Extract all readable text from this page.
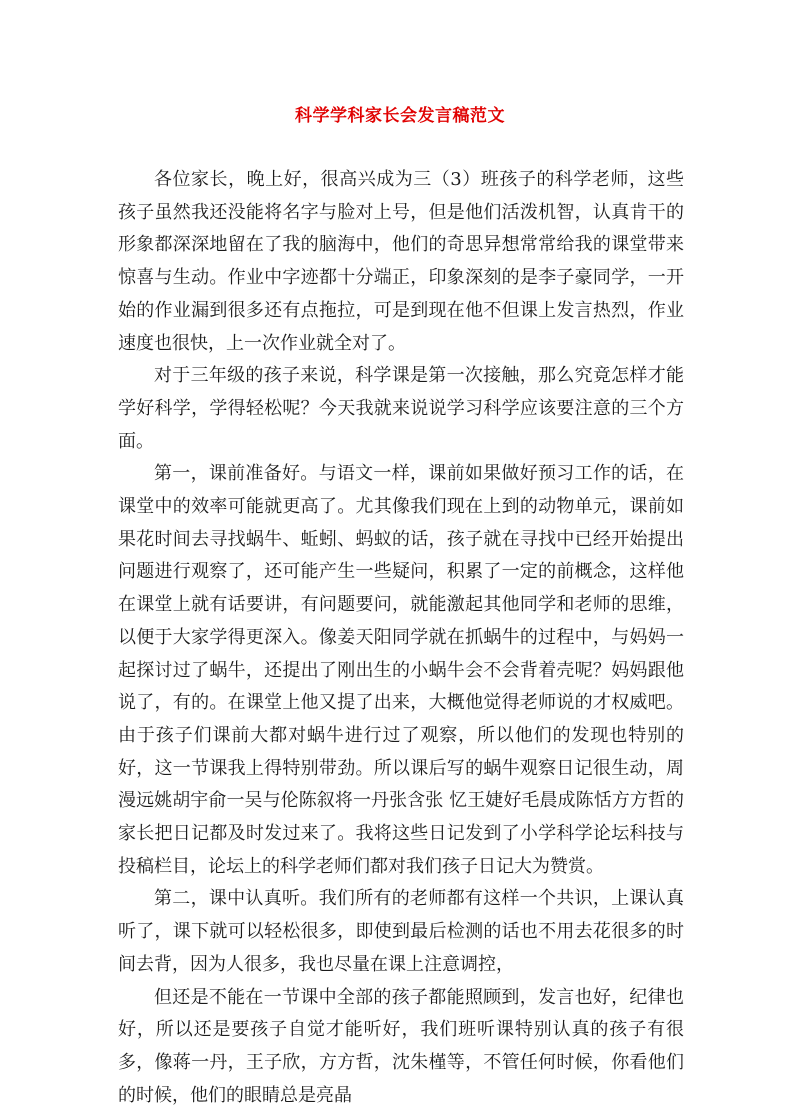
科学学科家长会发言稿范文

各位家长，晚上好，很高兴成为三（3）班孩子的科学老师，这些孩子虽然我还没能将名字与脸对上号，但是他们活泼机智，认真肯干的形象都深深地留在了我的脑海中，他们的奇思异想常常给我的课堂带来惊喜与生动。作业中字迹都十分端正，印象深刻的是李子豪同学，一开始的作业漏到很多还有点拖拉，可是到现在他不但课上发言热烈，作业速度也很快，上一次作业就全对了。

对于三年级的孩子来说，科学课是第一次接触，那么究竟怎样才能学好科学，学得轻松呢？今天我就来说说学习科学应该要注意的三个方面。

第一，课前准备好。与语文一样，课前如果做好预习工作的话，在课堂中的效率可能就更高了。尤其像我们现在上到的动物单元，课前如果花时间去寻找蜗牛、蚯蚓、蚂蚁的话，孩子就在寻找中已经开始提出问题进行观察了，还可能产生一些疑问，积累了一定的前概念，这样他在课堂上就有话要讲，有问题要问，就能激起其他同学和老师的思维，以便于大家学得更深入。像姜天阳同学就在抓蜗牛的过程中，与妈妈一起探讨过了蜗牛，还提出了刚出生的小蜗牛会不会背着壳呢？妈妈跟他说了，有的。在课堂上他又提了出来，大概他觉得老师说的才权威吧。由于孩子们课前大都对蜗牛进行过了观察，所以他们的发现也特别的好，这一节课我上得特别带劲。所以课后写的蜗牛观察日记很生动，周漫远姚胡宇俞一吴与伦陈叙将一丹张含张 忆王婕好毛晨成陈恬方方哲的家长把日记都及时发过来了。我将这些日记发到了小学科学论坛科技与投稿栏目，论坛上的科学老师们都对我们孩子日记大为赞赏。

第二，课中认真听。我们所有的老师都有这样一个共识，上课认真听了，课下就可以轻松很多，即使到最后检测的话也不用去花很多的时间去背，因为人很多，我也尽量在课上注意调控，

但还是不能在一节课中全部的孩子都能照顾到，发言也好，纪律也好，所以还是要孩子自觉才能听好，我们班听课特别认真的孩子有很多，像蒋一丹，王子欣，方方哲，沈朱槿等，不管任何时候，你看他们的时候，他们的眼睛总是亮晶
